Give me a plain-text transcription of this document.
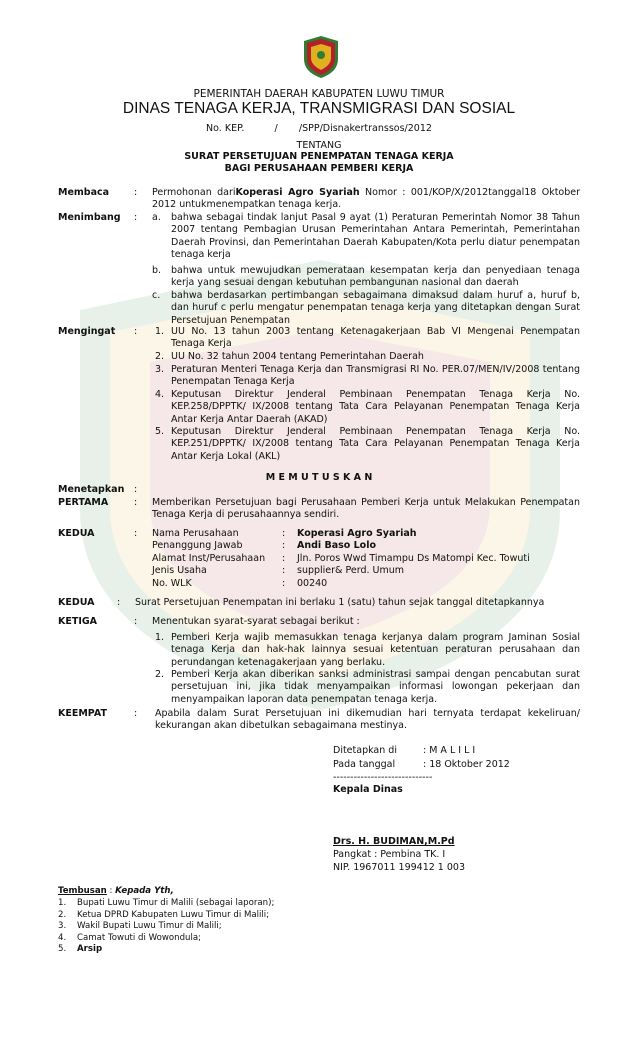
PEMERINTAH DAERAH KABUPATEN LUWU TIMUR
DINAS TENAGA KERJA, TRANSMIGRASI DAN SOSIAL
No. KEP.          /       /SPP/Disnakertranssos/2012
TENTANG
SURAT PERSETUJUAN PENEMPATAN TENAGA KERJA
BAGI PERUSAHAAN PEMBERI KERJA
Membaca	: Permohonan dariKoperasi Agro Syariah Nomor : 001/KOP/X/2012tanggal18 Oktober 2012 untukmenempatkan tenaga kerja.
Menimbang : a. bahwa sebagai tindak lanjut Pasal 9 ayat (1) Peraturan Pemerintah Nomor 38 Tahun 2007 tentang Pembagian Urusan Pemerintahan Antara Pemerintah, Pemerintahan Daerah Provinsi, dan Pemerintahan Daerah Kabupaten/Kota perlu diatur penempatan tenaga kerja
b. bahwa untuk mewujudkan pemerataan kesempatan kerja dan penyediaan tenaga kerja yang sesuai dengan kebutuhan pembangunan nasional dan daerah
c. bahwa berdasarkan pertimbangan sebagaimana dimaksud dalam huruf a, huruf b, dan huruf c perlu mengatur penempatan tenaga kerja yang ditetapkan dengan Surat Persetujuan Penempatan
Mengingat : 1. UU No. 13 tahun 2003 tentang Ketenagakerjaan Bab VI Mengenai Penempatan Tenaga Kerja
2. UU No. 32 tahun 2004 tentang Pemerintahan Daerah
3. Peraturan Menteri Tenaga Kerja dan Transmigrasi RI No. PER.07/MEN/IV/2008 tentang Penempatan Tenaga Kerja
4. Keputusan Direktur Jenderal Pembinaan Penempatan Tenaga Kerja No. KEP.258/DPPTK/ IX/2008 tentang Tata Cara Pelayanan Penempatan Tenaga Kerja Antar Kerja Antar Daerah (AKAD)
5. Keputusan Direktur Jenderal Pembinaan Penempatan Tenaga Kerja No. KEP.251/DPPTK/ IX/2008 tentang Tata Cara Pelayanan Penempatan Tenaga Kerja Antar Kerja Lokal (AKL)
M E M U T U S K A N
Menetapkan :
PERTAMA	: Memberikan Persetujuan bagi Perusahaan Pemberi Kerja untuk Melakukan Penempatan Tenaga Kerja di perusahaannya sendiri.
KEDUA	: Nama Perusahaan	: Koperasi Agro Syariah
Penanggung Jawab	: Andi Baso Lolo
Alamat Inst/Perusahaan : Jln. Poros Wwd Timampu Ds Matompi Kec. Towuti
Jenis Usaha	: supplier& Perd. Umum
No. WLK	: 00240
KEDUA : Surat Persetujuan Penempatan ini berlaku 1 (satu) tahun sejak tanggal ditetapkannya
KETIGA	: Menentukan syarat-syarat sebagai berikut :
1. Pemberi Kerja wajib memasukkan tenaga kerjanya dalam program Jaminan Sosial tenaga Kerja dan hak-hak lainnya sesuai ketentuan peraturan perusahaan dan perundangan ketenagakerjaan yang berlaku.
2. Pemberi Kerja akan diberikan sanksi administrasi sampai dengan pencabutan surat persetujuan ini, jika tidak menyampaikan informasi lowongan pekerjaan dan menyampaikan laporan data penempatan tenaga kerja.
KEEMPAT	: Apabila dalam Surat Persetujuan ini dikemudian hari ternyata terdapat kekeliruan/ kekurangan akan dibetulkan sebagaimana mestinya.
Ditetapkan di	: M A L I L I
Pada tanggal	: 18 Oktober 2012
-----------------------------
Kepala Dinas
Drs. H. BUDIMAN,M.Pd
Pangkat : Pembina TK. I
NIP. 1967011 199412 1 003
Tembusan : Kepada Yth,
1. Bupati Luwu Timur di Malili (sebagai laporan);
2. Ketua DPRD Kabupaten Luwu Timur di Malili;
3. Wakil Bupati Luwu Timur di Malili;
4. Camat Towuti di Wowondula;
5. Arsip
